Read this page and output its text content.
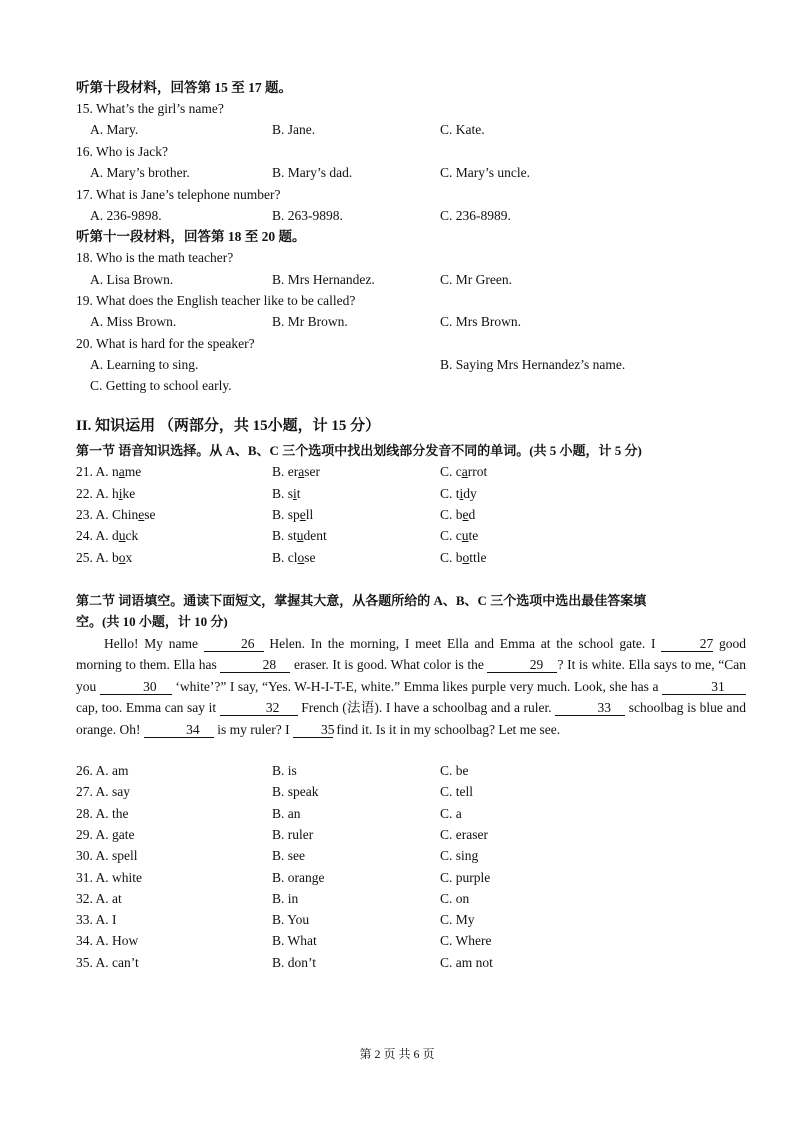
听第十段材料，回答第 15 至 17 题。
15. What’s the girl’s name?
A. Mary.	B. Jane.	C. Kate.
16. Who is Jack?
A. Mary’s brother.	B. Mary’s dad.	C. Mary’s uncle.
17. What is Jane’s telephone number?
A. 236-9898.	B. 263-9898.	C. 236-8989.
听第十一段材料，回答第 18 至 20 题。
18. Who is the math teacher?
A. Lisa Brown.	B. Mrs Hernandez.	C. Mr Green.
19. What does the English teacher like to be called?
A. Miss Brown.	B. Mr Brown.	C. Mrs Brown.
20. What is hard for the speaker?
A. Learning to sing.	B. Saying Mrs Hernandez’s name.
C. Getting to school early.
II. 知识运用 （两部分，共 15小题，计 15 分）
第一节 语音知识选择。从 A、B、C 三个选项中找出划线部分发音不同的单词。(共 5 小题，计 5 分)
21. A. name	B. eraser	C. carrot
22. A. hike	B. sit	C. tidy
23. A. Chinese	B. spell	C. bed
24. A. duck	B. student	C. cute
25. A. box	B. close	C. bottle
第二节 词语填空。通读下面短文，掌握其大意，从各题所给的 A、B、C 三个选项中选出最佳答案填
空。(共 10 小题，计 10 分)
Hello! My name	26 Helen. In the morning, I meet Ella and Emma at the school gate. I	27 good morning to them. Ella has	28 eraser. It is good. What color is the	29 ? It is white. Ella says to me, “Can you	30 ‘white’?” I say, “Yes. W-H-I-T-E, white.” Emma likes purple very much. Look, she has a	31 cap, too. Emma can say it	32 French (法语). I have a schoolbag and a ruler.	33 schoolbag is blue and orange. Oh!	34 is my ruler? I 35 find it. Is it in my schoolbag? Let me see.
26. A. am	B. is	C. be
27. A. say	B. speak	C. tell
28. A. the	B. an	C. a
29. A. gate	B. ruler	C. eraser
30. A. spell	B. see	C. sing
31. A. white	B. orange	C. purple
32. A. at	B. in	C. on
33. A. I	B. You	C. My
34. A. How	B. What	C. Where
35. A. can’t	B. don’t	C. am not
第 2 页 共 6 页
